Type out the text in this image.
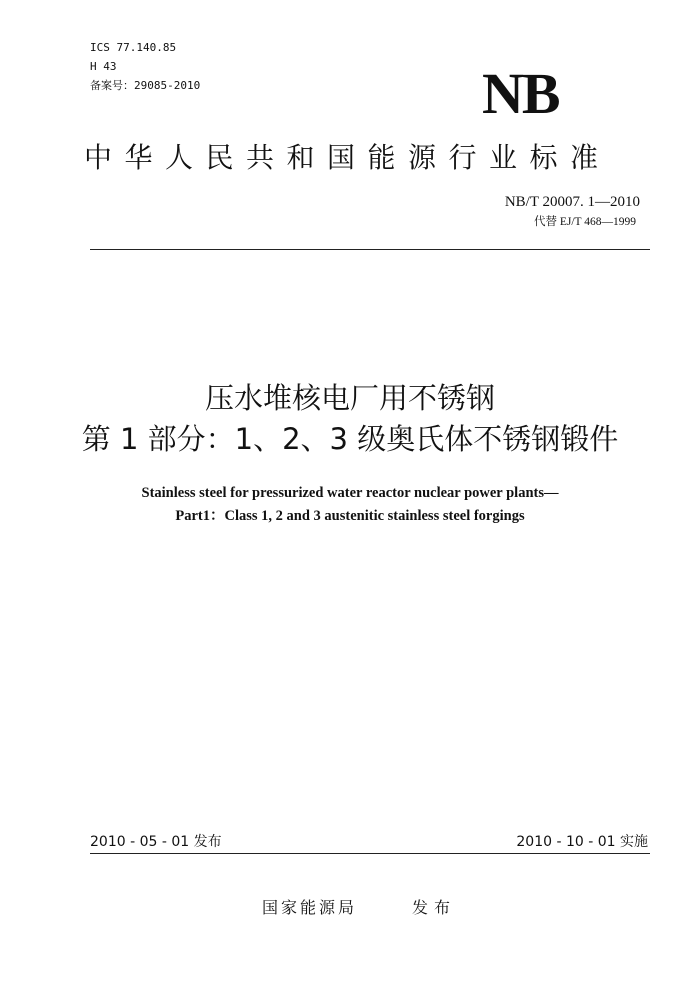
ICS 77.140.85
H 43
备案号：29085-2010	NB
中华人民共和国能源行业标准
NB/T 20007. 1—2010
代替 EJ/T 468—1999
压水堆核电厂用不锈钢
第 1 部分：1、2、3 级奥氏体不锈钢锻件
Stainless steel for pressurized water reactor nuclear power plants—
Part1：Class 1, 2 and 3 austenitic stainless steel forgings
2010 - 05 - 01 发布	2010 - 10 - 01 实施
国家能源局	发布
